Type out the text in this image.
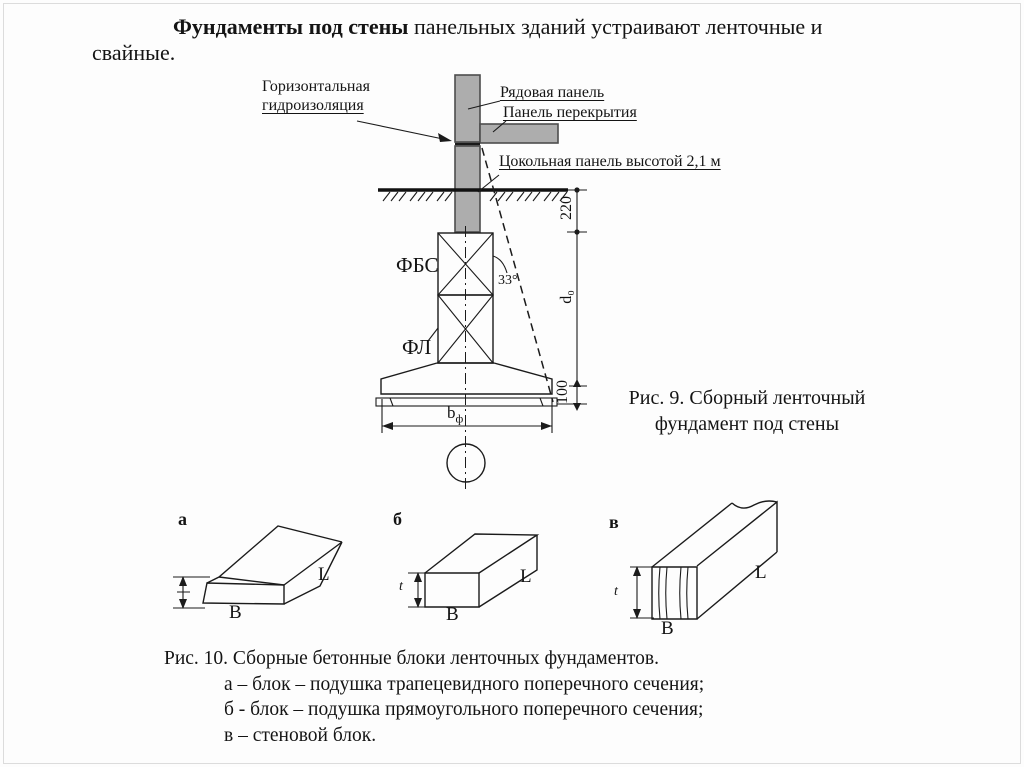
Фундаменты под стены панельных зданий устраивают ленточные и
свайные.
220
d₀
100
Горизонтальная
гидроизоляция
Рядовая панель
Панель перекрытия
Цокольная панель высотой 2,1 м
ФБС
ФЛ
33°
$b_ф$
Рис. 9. Сборный ленточный
фундамент под стены
а	б	в
L	L	L
B	B
B
t	t
Рис. 10. Сборные бетонные блоки ленточных фундаментов.
а – блок – подушка трапецевидного поперечного сечения;
б - блок – подушка прямоугольного поперечного сечения;
в – стеновой блок.
